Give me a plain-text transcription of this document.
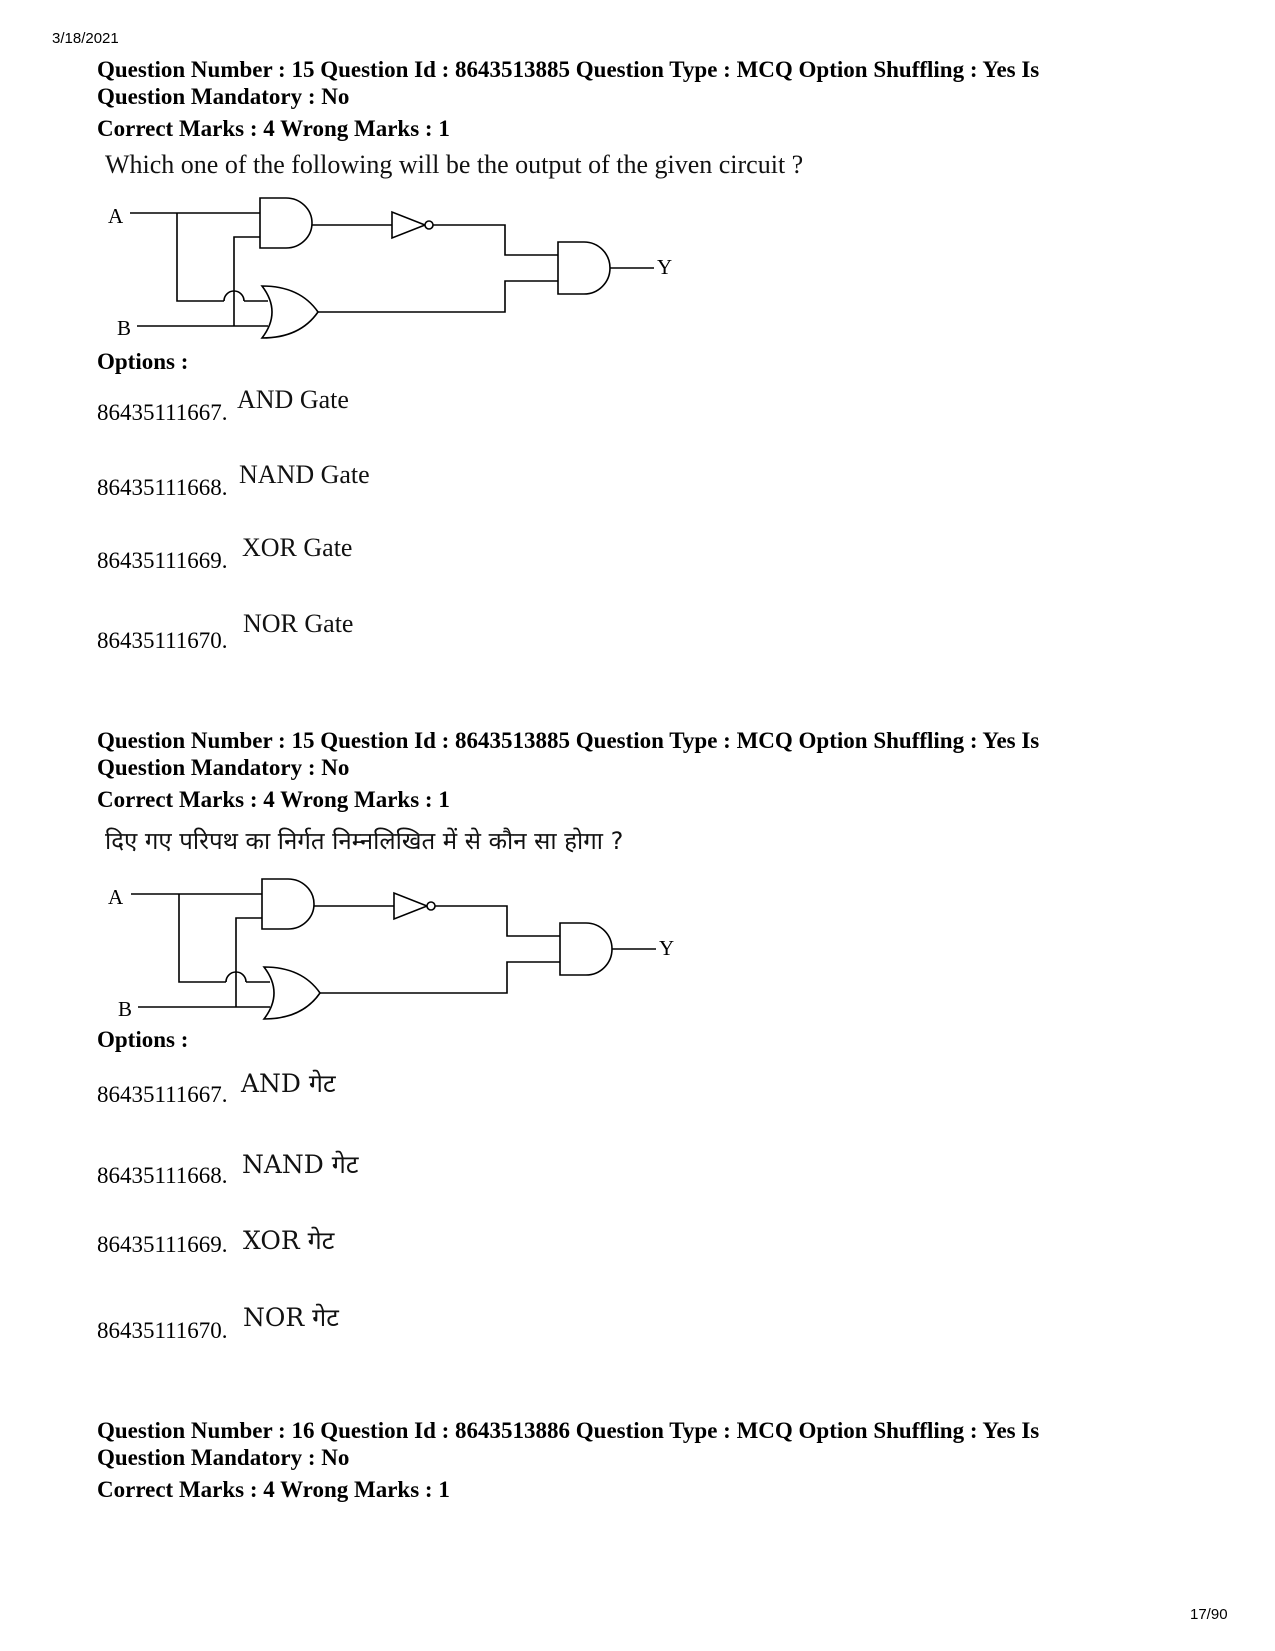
3/18/2021
Question Number : 15 Question Id : 8643513885 Question Type : MCQ Option Shuffling : Yes Is
Question Mandatory : No
Correct Marks : 4 Wrong Marks : 1
Which one of the following will be the output of the given circuit ?
A
B
Y
Options :
86435111667. AND Gate
86435111668. NAND Gate
86435111669. XOR Gate
86435111670.
NOR Gate
Question Number : 15 Question Id : 8643513885 Question Type : MCQ Option Shuffling : Yes Is
Question Mandatory : No
Correct Marks : 4 Wrong Marks : 1
दिए गए परिपथ का निर्गत निम्नलिखित में से कौन सा होगा ?
A
B
Y
Options :
86435111667. AND गेट
86435111668. NAND गेट
86435111669. XOR गेट
86435111670. NOR गेट
Question Number : 16 Question Id : 8643513886 Question Type : MCQ Option Shuffling : Yes Is
Question Mandatory : No
Correct Marks : 4 Wrong Marks : 1
17/90
